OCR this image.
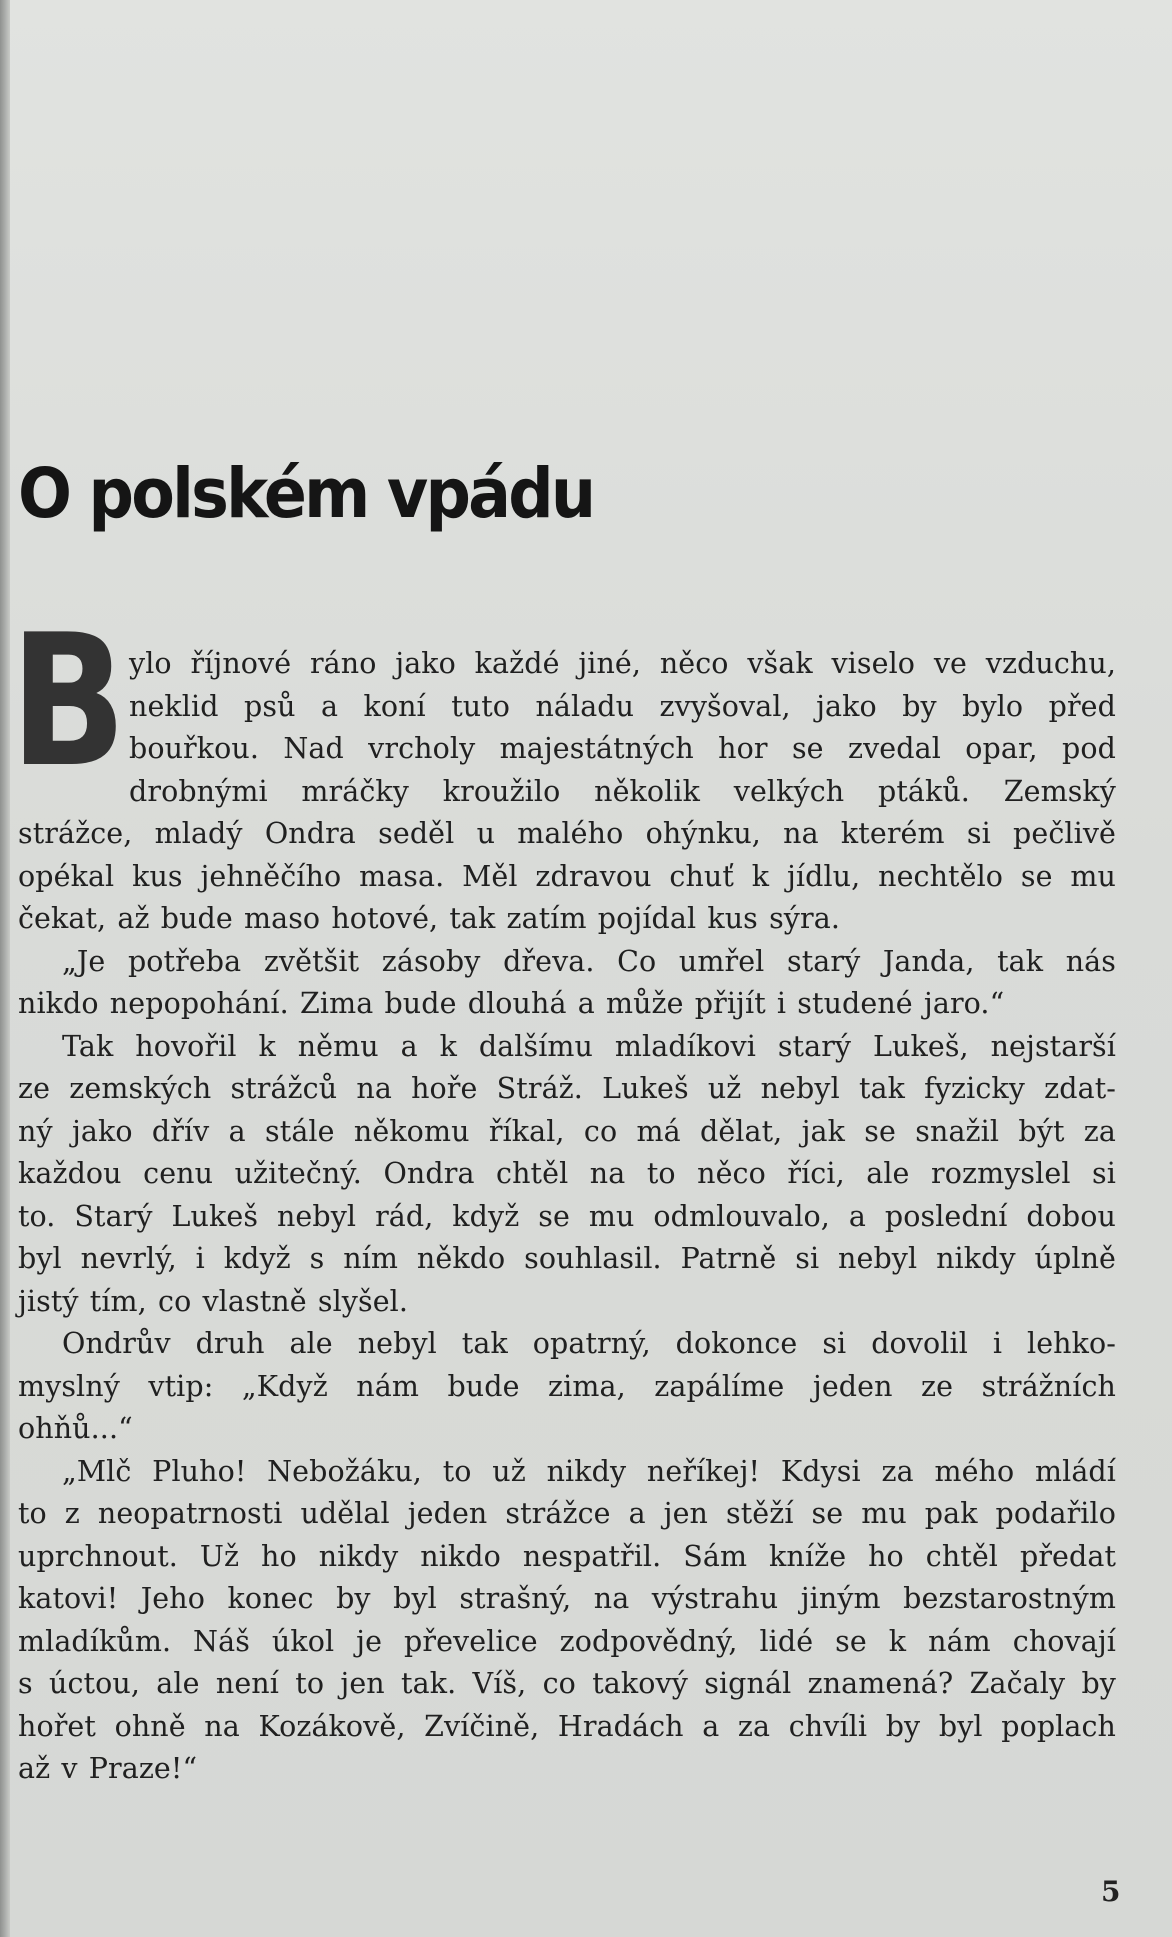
O polském vpádu
B ylo říjnové ráno jako každé jiné, něco však viselo ve vzduchu,
neklid psů a koní tuto náladu zvyšoval, jako by bylo před
bouřkou. Nad vrcholy majestátných hor se zvedal opar, pod
drobnými mráčky kroužilo několik velkých ptáků. Zemský
strážce, mladý Ondra seděl u malého ohýnku, na kterém si pečlivě
opékal kus jehněčího masa. Měl zdravou chuť k jídlu, nechtělo se mu
čekat, až bude maso hotové, tak zatím pojídal kus sýra.
„Je potřeba zvětšit zásoby dřeva. Co umřel starý Janda, tak nás
nikdo nepopohání. Zima bude dlouhá a může přijít i studené jaro.“
Tak hovořil k němu a k dalšímu mladíkovi starý Lukeš, nejstarší
ze zemských strážců na hoře Stráž. Lukeš už nebyl tak fyzicky zdat-
ný jako dřív a stále někomu říkal, co má dělat, jak se snažil být za
každou cenu užitečný. Ondra chtěl na to něco říci, ale rozmyslel si
to. Starý Lukeš nebyl rád, když se mu odmlouvalo, a poslední dobou
byl nevrlý, i když s ním někdo souhlasil. Patrně si nebyl nikdy úplně
jistý tím, co vlastně slyšel.
Ondrův druh ale nebyl tak opatrný, dokonce si dovolil i lehko-
myslný vtip: „Když nám bude zima, zapálíme jeden ze strážních
ohňů...“
„Mlč Pluho! Nebožáku, to už nikdy neříkej! Kdysi za mého mládí
to z neopatrnosti udělal jeden strážce a jen stěží se mu pak podařilo
uprchnout. Už ho nikdy nikdo nespatřil. Sám kníže ho chtěl předat
katovi! Jeho konec by byl strašný, na výstrahu jiným bezstarostným
mladíkům. Náš úkol je převelice zodpovědný, lidé se k nám chovají
s úctou, ale není to jen tak. Víš, co takový signál znamená? Začaly by
hořet ohně na Kozákově, Zvíčině, Hradách a za chvíli by byl poplach
až v Praze!“
5
